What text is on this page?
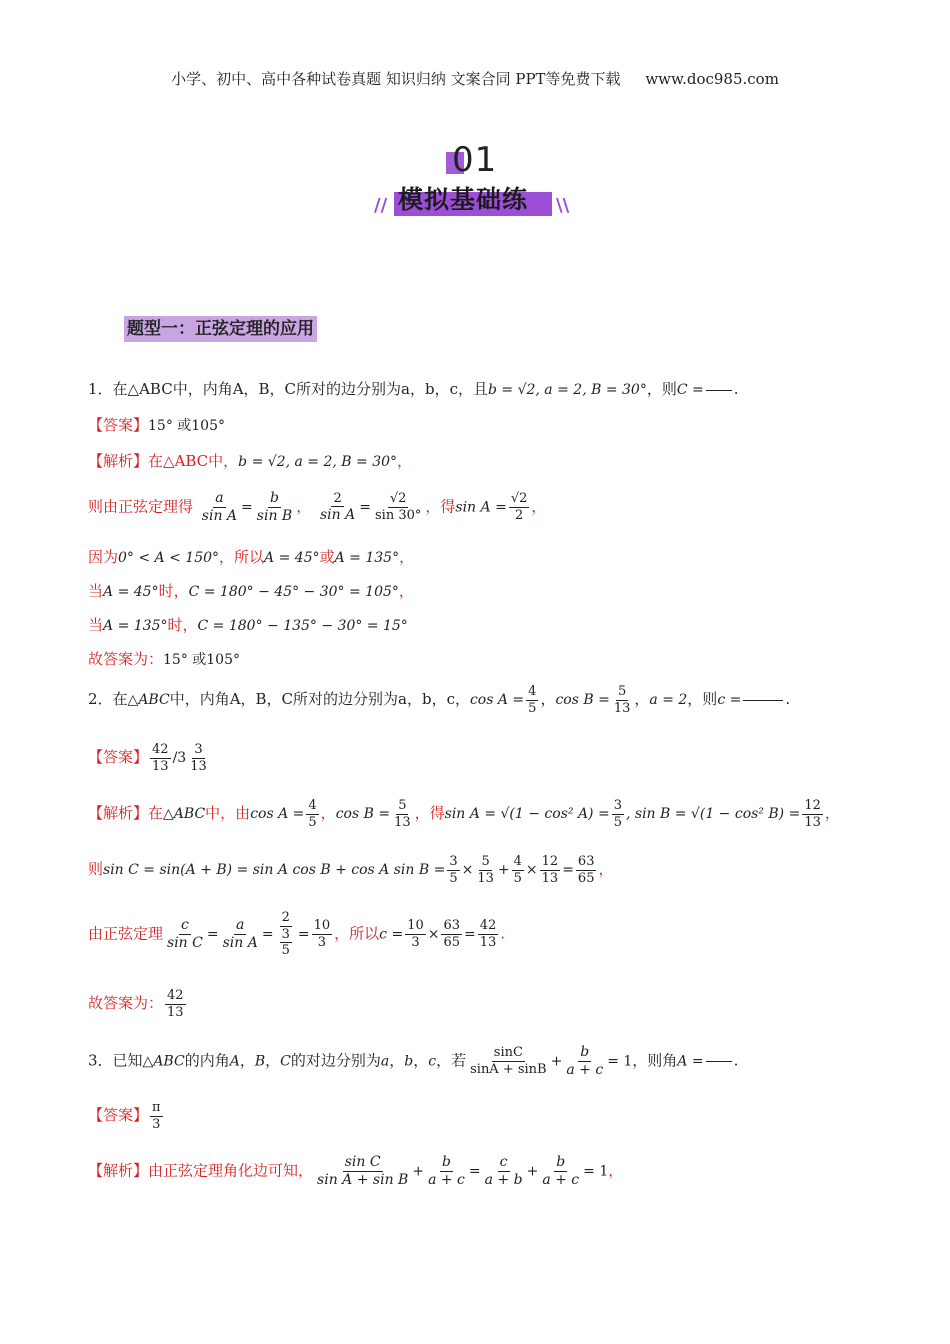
小学、初中、高中各种试卷真题 知识归纳 文案合同 PPT等免费下载 www.doc985.com
01
// 模拟基础练 \\
题型一：正弦定理的应用
1．在△ABC中，内角A，B，C所对的边分别为a，b，c，且b = √2, a = 2, B = 30°，则C = .
【答案】15° 或105°
【解析】在△ABC中，b = √2, a = 2, B = 30°，
则由正弦定理得 $\frac{a}{\text{sin A}} = \frac{b}{\text{sin B}}$ ， $\frac{2}{\text{sin A}} = \frac{√2}{\sin 30^\circ}$ ，得$\sin A = \frac{√2}{2}$ ，
因为0° < A < 150°，所以A = 45°或A = 135°，
当A = 45°时，C = 180° − 45° − 30° = 105°，
当A = 135°时，C = 180° − 135° − 30° = 15°
故答案为：15° 或105°
2．在△ABC中，内角A，B，C所对的边分别为a，b，c，$\cos A = \frac{4}{5}$ ，$\cos B = \frac{5}{13}$ ，a = 2，则c =	.
【答案】 $\frac{42}{13} /3 \frac{3}{13}$
【解析】在△ABC中，由$\cos A = \frac{4}{5}$ ，$\cos B = \frac{5}{13}$ ，得sin A = √(1 − cos² $A) = \frac{3}{5}$ , sin B = √(1 − cos² $B) = \frac{12}{13}$ ，
则sin C = sin(A + B) = sin A cos B + cos A $\sin B = \frac{3}{5} \times \frac{5}{13} + \frac{4}{5} \times \frac{12}{13} = \frac{63}{65}$ ，
由正弦定理 $\frac{c}{\text{sin C}} = \frac{a}{\text{sin A}} = \frac{2}{\frac{3}{5}} = \frac{10}{3}$ ，所以$c = \frac{10}{3} \times \frac{63}{65} = \frac{42}{13}$ .
故答案为： $\frac{42}{13}$
3．已知△ABC的内角A，B，C的对边分别为a，b，c，若 $\frac{\sin C}{\sin A + \sin B} + \frac{b}{a + c} = 1$，则角A = .
【答案】 $\frac{\pi}{3}$
【解析】由正弦定理角化边可知， $\frac{\text{sin C}}{\text{sin A + sin B}} + \frac{b}{a + c} = \frac{c}{a + b} + \frac{b}{a + c} = 1$，
